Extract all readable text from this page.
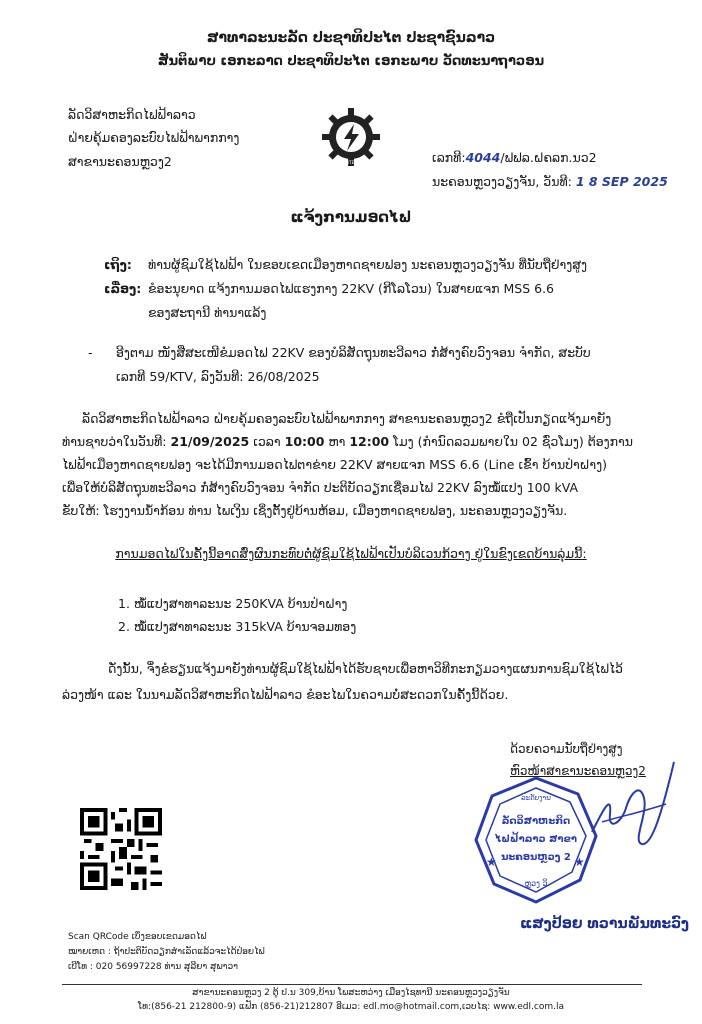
ສາທາລະນະລັດ ປະຊາທິປະໄຕ ປະຊາຊົນລາວ
ສັນຕິພາບ ເອກະລາດ ປະຊາທິປະໄຕ ເອກະພາບ ວັດທະນາຖາວອນ
ລັດວິສາຫະກິດໄຟຟ້າລາວ
ຝ່າຍຄຸ້ມຄອງລະບົບໄຟຟ້າພາກກາງ
ສາຂານະຄອນຫຼວງ2	ELECTRICITE DU LAOS	ເລກທີ:4044/ຟຟລ.ຝຄລກ.ນວ2
ນະຄອນຫຼວງວຽງຈັນ, ວັນທີ: 1 8 SEP 2025
ແຈ້ງການມອດໄຟ
ເຖິງ:	ທ່ານຜູ້ຊົມໃຊ້ໄຟຟ້າ ໃນຂອບເຂດເມືອງຫາດຊາຍຟອງ ນະຄອນຫຼວງວຽງຈັນ ທີ່ນັບຖືຢ່າງສູງ
ເລື່ອງ: ຂໍອະນຸຍາດ ແຈ້ງການມອດໄຟແຮງກາງ 22KV (ກີໂລໂວນ) ໃນສາຍແຈກ MSS 6.6
ຂອງສະຖານີ ທ່ານາແລ້ງ
- ອີງຕາມ ໜັງສືສະເໜີຂໍມອດໄຟ 22KV ຂອງບໍລິສັດຖຸນທະວີລາວ ກໍ່ສ້າງຄົບວົງຈອນ ຈຳກັດ, ສະບັບ
ເລກທີ 59/KTV, ລົງວັນທີ: 26/08/2025
ລັດວິສາຫະກິດໄຟຟ້າລາວ ຝ່າຍຄຸ້ມຄອງລະບົບໄຟຟ້າພາກກາງ ສາຂານະຄອນຫຼວງ2 ຂໍຖືເປັນກຽດແຈ້ງມາຍັງ
ທ່ານຊາບວ່າໃນວັນທີ: 21/09/2025 ເວລາ 10:00 ຫາ 12:00 ໂມງ (ກຳນົດລວມພາຍໃນ 02 ຊົ່ວໂມງ) ຕ້ອງການ
ໄຟຟ້າເມືອງຫາດຊາຍຟອງ ຈະໄດ້ມີການມອດໄຟຕາຂ່າຍ 22KV ສາຍແຈກ MSS 6.6 (Line ເຂົ້າ ບ້ານປ່າຝາງ)
ເພື່ອໃຫ້ບໍລິສັດຖຸນທະວີລາວ ກໍ່ສ້າງຄົບວົງຈອນ ຈຳກັດ ປະຕິບັດວຽກເຊື່ອມໄຟ 22KV ລົງໝໍ້ແປງ 100 kVA
ຂັບໃຫ້: ໂຮງງານນ້ຳກ້ອນ ທ່ານ ໄພເງິນ ເຊິ່ງຕັ້ງຢູ່ບ້ານຫ້ອມ, ເມືອງຫາດຊາຍຟອງ, ນະຄອນຫຼວງວຽງຈັນ.
ການມອດໄຟໃນຄັ້ງນີ້ອາດສົ່ງຜົນກະທົບຕໍ່ຜູ້ຊົມໃຊ້ໄຟຟ້າເປັນບໍລິເວນກ້ວາງ ຢູ່ໃນຂົງເຂດບ້ານລຸ່ມນີ້:
1. ໝໍ້ແປງສາທາລະນະ 250KVA ບ້ານປ່າຝາງ
2. ໝໍ້ແປງສາທາລະນະ 315kVA ບ້ານຈອມທອງ
ດັ່ງນັ້ນ, ຈຶ່ງຂໍຮຽນແຈ້ງມາຍັງທ່ານຜູ້ຊົມໃຊ້ໄຟຟ້າໄດ້ຮັບຊາບເພື່ອຫາວິທີກະກຽມວາງແຜນການຊົມໃຊ້ໄຟໄວ້
ລ່ວງໜ້າ ແລະ ໃນນາມລັດວິສາຫະກິດໄຟຟ້າລາວ ຂໍອະໄພໃນຄວາມບໍ່ສະດວກໃນຄັ້ງນີ້ດ້ວຍ.
ດ້ວຍຄວາມນັບຖືຢ່າງສູງ
ຫົວໜ້າສາຂານະຄອນຫຼວງ2
ລະດັບງານ
ລັດວິສາຫະກິດ
ໄຟຟ້າລາວ ສາຂາ
ນະຄອນຫຼວງ 2
ຫຼວງ ວິ
★	★
ແສງປ້ອຍ ທວານພັນທະວົງ
Scan QRCode ເບິ່ງຂອບເຂດມອດໄຟ
ໝາຍເຫດ : ຖ້າປະຕິບັດວຽກສຳເລັດແລ້ວຈະໄດ້ປ່ອຍໄຟ
ເບີໂທ : 020 56997228 ທ່ານ ສຸລີຍາ ສຸພາວາ
ສາຂານະຄອນຫຼວງ 2 ຕູ້ ປ.ນ 309,ບ້ານ ໂພສະຫວ່າງ ເມືອງໄຊທານີ ນະຄອນຫຼວງວຽງຈັນ
ໂທ:(856-21 212800-9) ແຟັກ (856-21)212807 ອີເມວ: edl.mo@hotmail.com,ເວບໄຊ: www.edl.com.la
